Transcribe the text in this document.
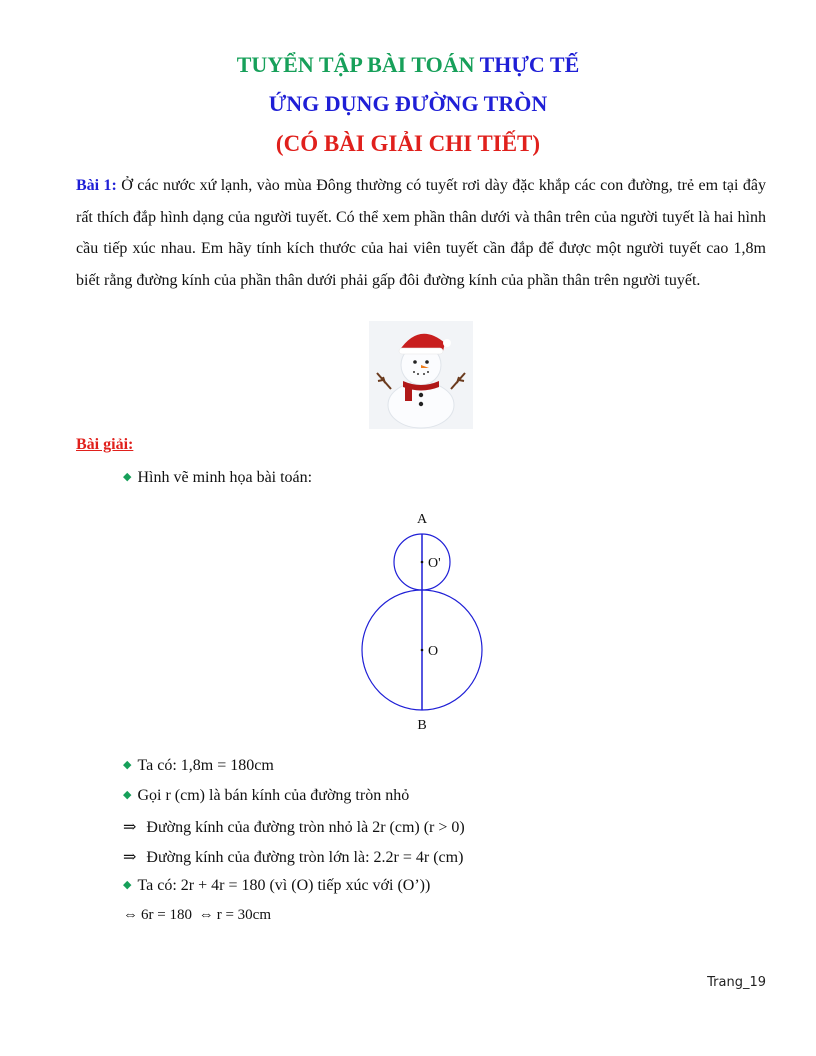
TUYỂN TẬP BÀI TOÁN THỰC TẾ
ỨNG DỤNG ĐƯỜNG TRÒN
(CÓ BÀI GIẢI CHI TIẾT)

Bài 1: Ở các nước xứ lạnh, vào mùa Đông thường có tuyết rơi dày đặc khắp các con đường, trẻ em tại đây rất thích đắp hình dạng của người tuyết. Có thể xem phần thân dưới và thân trên của người tuyết là hai hình cầu tiếp xúc nhau. Em hãy tính kích thước của hai viên tuyết cần đắp để được một người tuyết cao 1,8m biết rằng đường kính của phần thân dưới phải gấp đôi đường kính của phần thân trên người tuyết.

Bài giải:

◆ Hình vẽ minh họa bài toán:

A
O'
O
B

◆ Ta có: 1,8m = 180cm

◆ Gọi r (cm) là bán kính của đường tròn nhỏ

⇒ Đường kính của đường tròn nhỏ là 2r (cm) (r > 0)

⇒ Đường kính của đường tròn lớn là: 2.2r = 4r (cm)

◆ Ta có: 2r + 4r = 180 (vì (O) tiếp xúc với (O’))

⇔ 6r = 180 ⇔ r = 30cm

Trang_19
